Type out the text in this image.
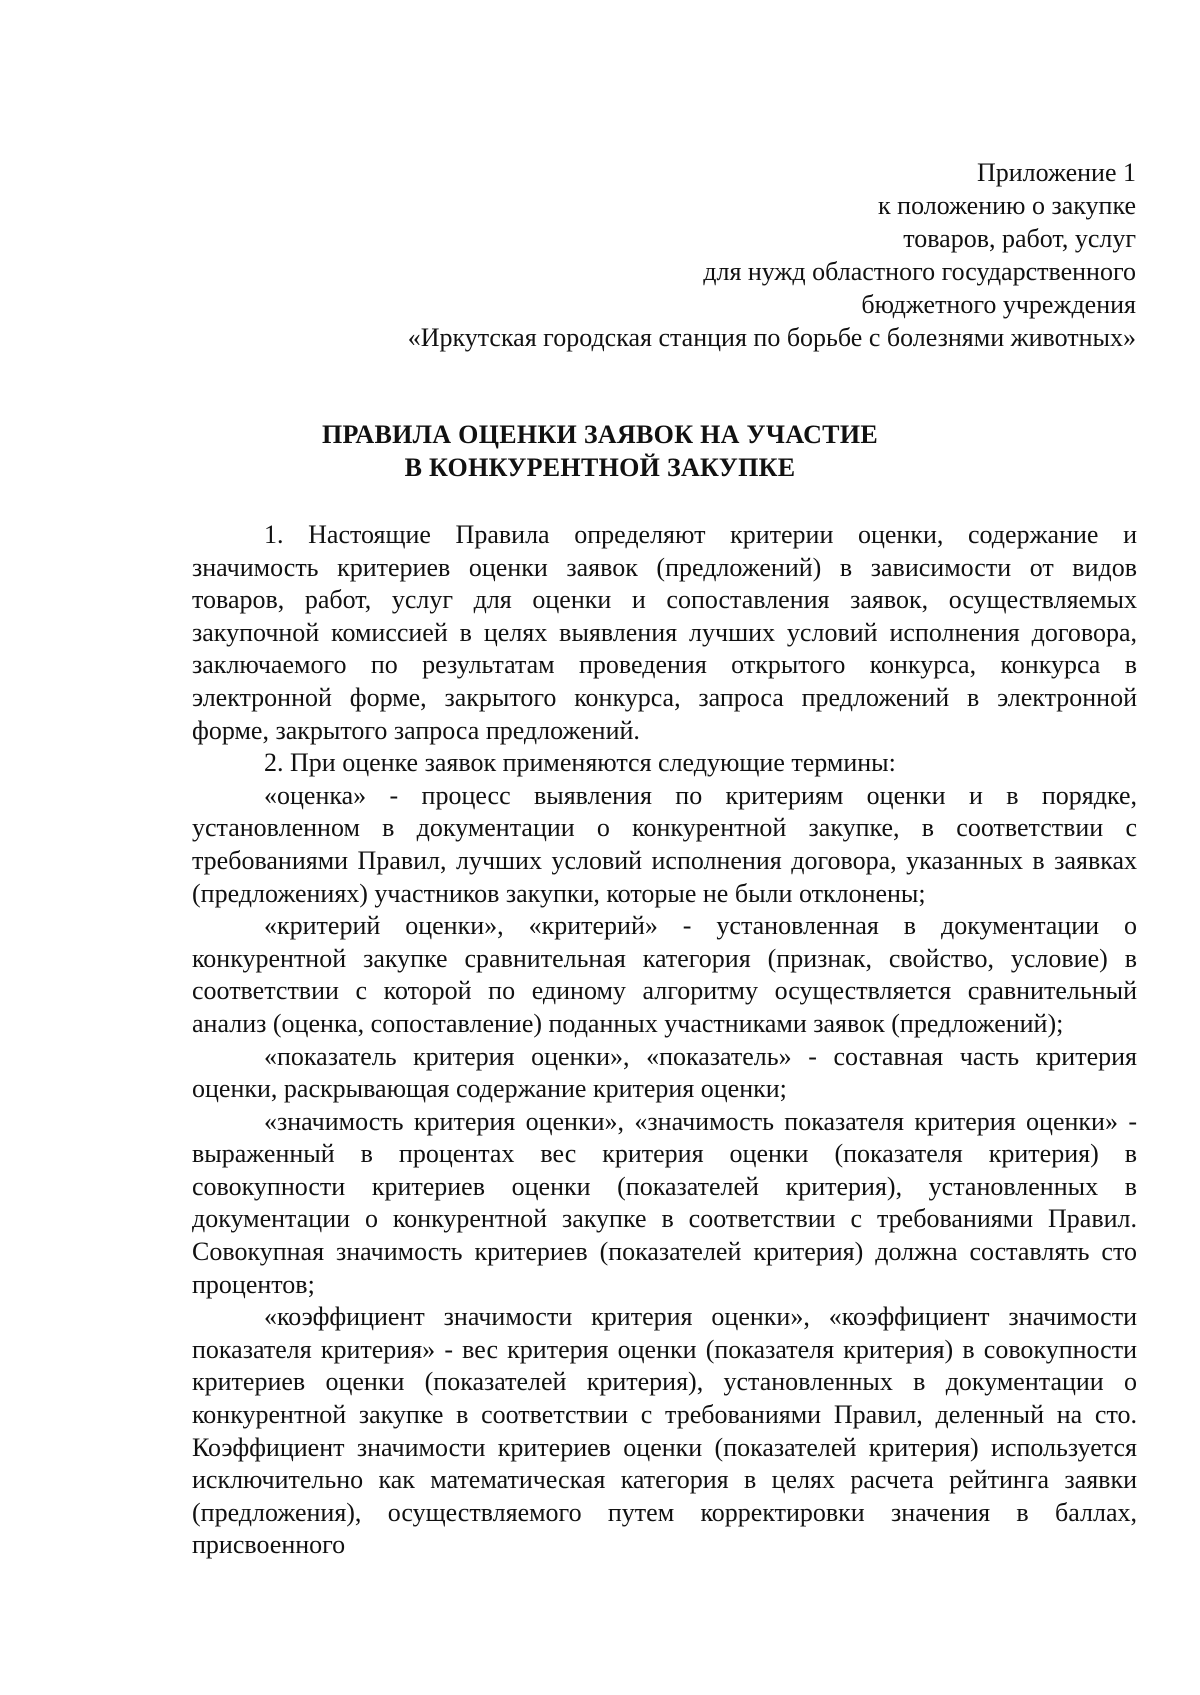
Приложение 1
к положению о закупке
товаров, работ, услуг
для нужд областного государственного
бюджетного учреждения
«Иркутская городская станция по борьбе с болезнями животных»
ПРАВИЛА ОЦЕНКИ ЗАЯВОК НА УЧАСТИЕ
В КОНКУРЕНТНОЙ ЗАКУПКЕ

1. Настоящие Правила определяют критерии оценки, содержание и значимость критериев оценки заявок (предложений) в зависимости от видов товаров, работ, услуг для оценки и сопоставления заявок, осуществляемых закупочной комиссией в целях выявления лучших условий исполнения договора, заключаемого по результатам проведения открытого конкурса, конкурса в электронной форме, закрытого конкурса, запроса предложений в электронной форме, закрытого запроса предложений.

2. При оценке заявок применяются следующие термины:

«оценка» - процесс выявления по критериям оценки и в порядке, установленном в документации о конкурентной закупке, в соответствии с требованиями Правил, лучших условий исполнения договора, указанных в заявках (предложениях) участников закупки, которые не были отклонены;

«критерий оценки», «критерий» - установленная в документации о конкурентной закупке сравнительная категория (признак, свойство, условие) в соответствии с которой по единому алгоритму осуществляется сравнительный анализ (оценка, сопоставление) поданных участниками заявок (предложений);

«показатель критерия оценки», «показатель» - составная часть критерия оценки, раскрывающая содержание критерия оценки;

«значимость критерия оценки», «значимость показателя критерия оценки» - выраженный в процентах вес критерия оценки (показателя критерия) в совокупности критериев оценки (показателей критерия), установленных в документации о конкурентной закупке в соответствии с требованиями Правил. Совокупная значимость критериев (показателей критерия) должна составлять сто процентов;

«коэффициент значимости критерия оценки», «коэффициент значимости показателя критерия» - вес критерия оценки (показателя критерия) в совокупности критериев оценки (показателей критерия), установленных в документации о конкурентной закупке в соответствии с требованиями Правил, деленный на сто. Коэффициент значимости критериев оценки (показателей критерия) используется исключительно как математическая категория в целях расчета рейтинга заявки (предложения), осуществляемого путем корректировки значения в баллах, присвоенного
